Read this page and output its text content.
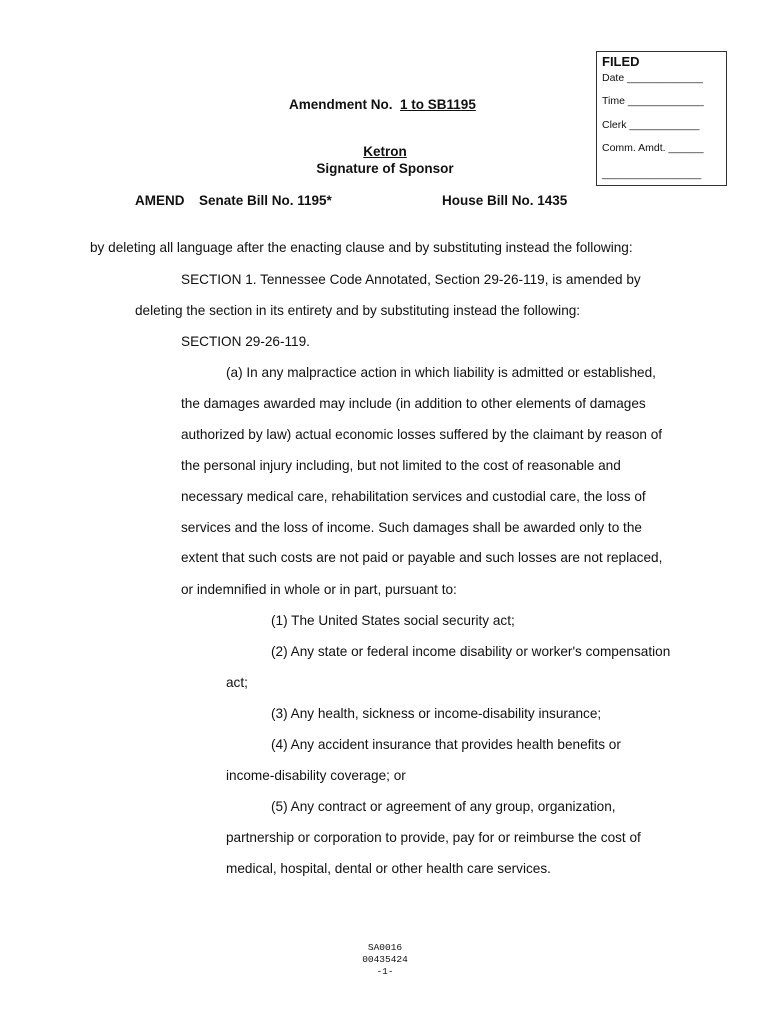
FILED
Date _____________
Time _____________
Clerk ____________
Comm. Amdt. ______
_________________
Amendment No. 1 to SB1195
Ketron
Signature of Sponsor
AMEND Senate Bill No. 1195*	House Bill No. 1435
by deleting all language after the enacting clause and by substituting instead the following:
SECTION 1. Tennessee Code Annotated, Section 29-26-119, is amended by
deleting the section in its entirety and by substituting instead the following:
SECTION 29-26-119.
(a) In any malpractice action in which liability is admitted or established,
the damages awarded may include (in addition to other elements of damages
authorized by law) actual economic losses suffered by the claimant by reason of
the personal injury including, but not limited to the cost of reasonable and
necessary medical care, rehabilitation services and custodial care, the loss of
services and the loss of income. Such damages shall be awarded only to the
extent that such costs are not paid or payable and such losses are not replaced,
or indemnified in whole or in part, pursuant to:
(1) The United States social security act;
(2) Any state or federal income disability or worker's compensation
act;
(3) Any health, sickness or income-disability insurance;
(4) Any accident insurance that provides health benefits or
income-disability coverage; or
(5) Any contract or agreement of any group, organization,
partnership or corporation to provide, pay for or reimburse the cost of
medical, hospital, dental or other health care services.
SA0016
00435424
-1-
